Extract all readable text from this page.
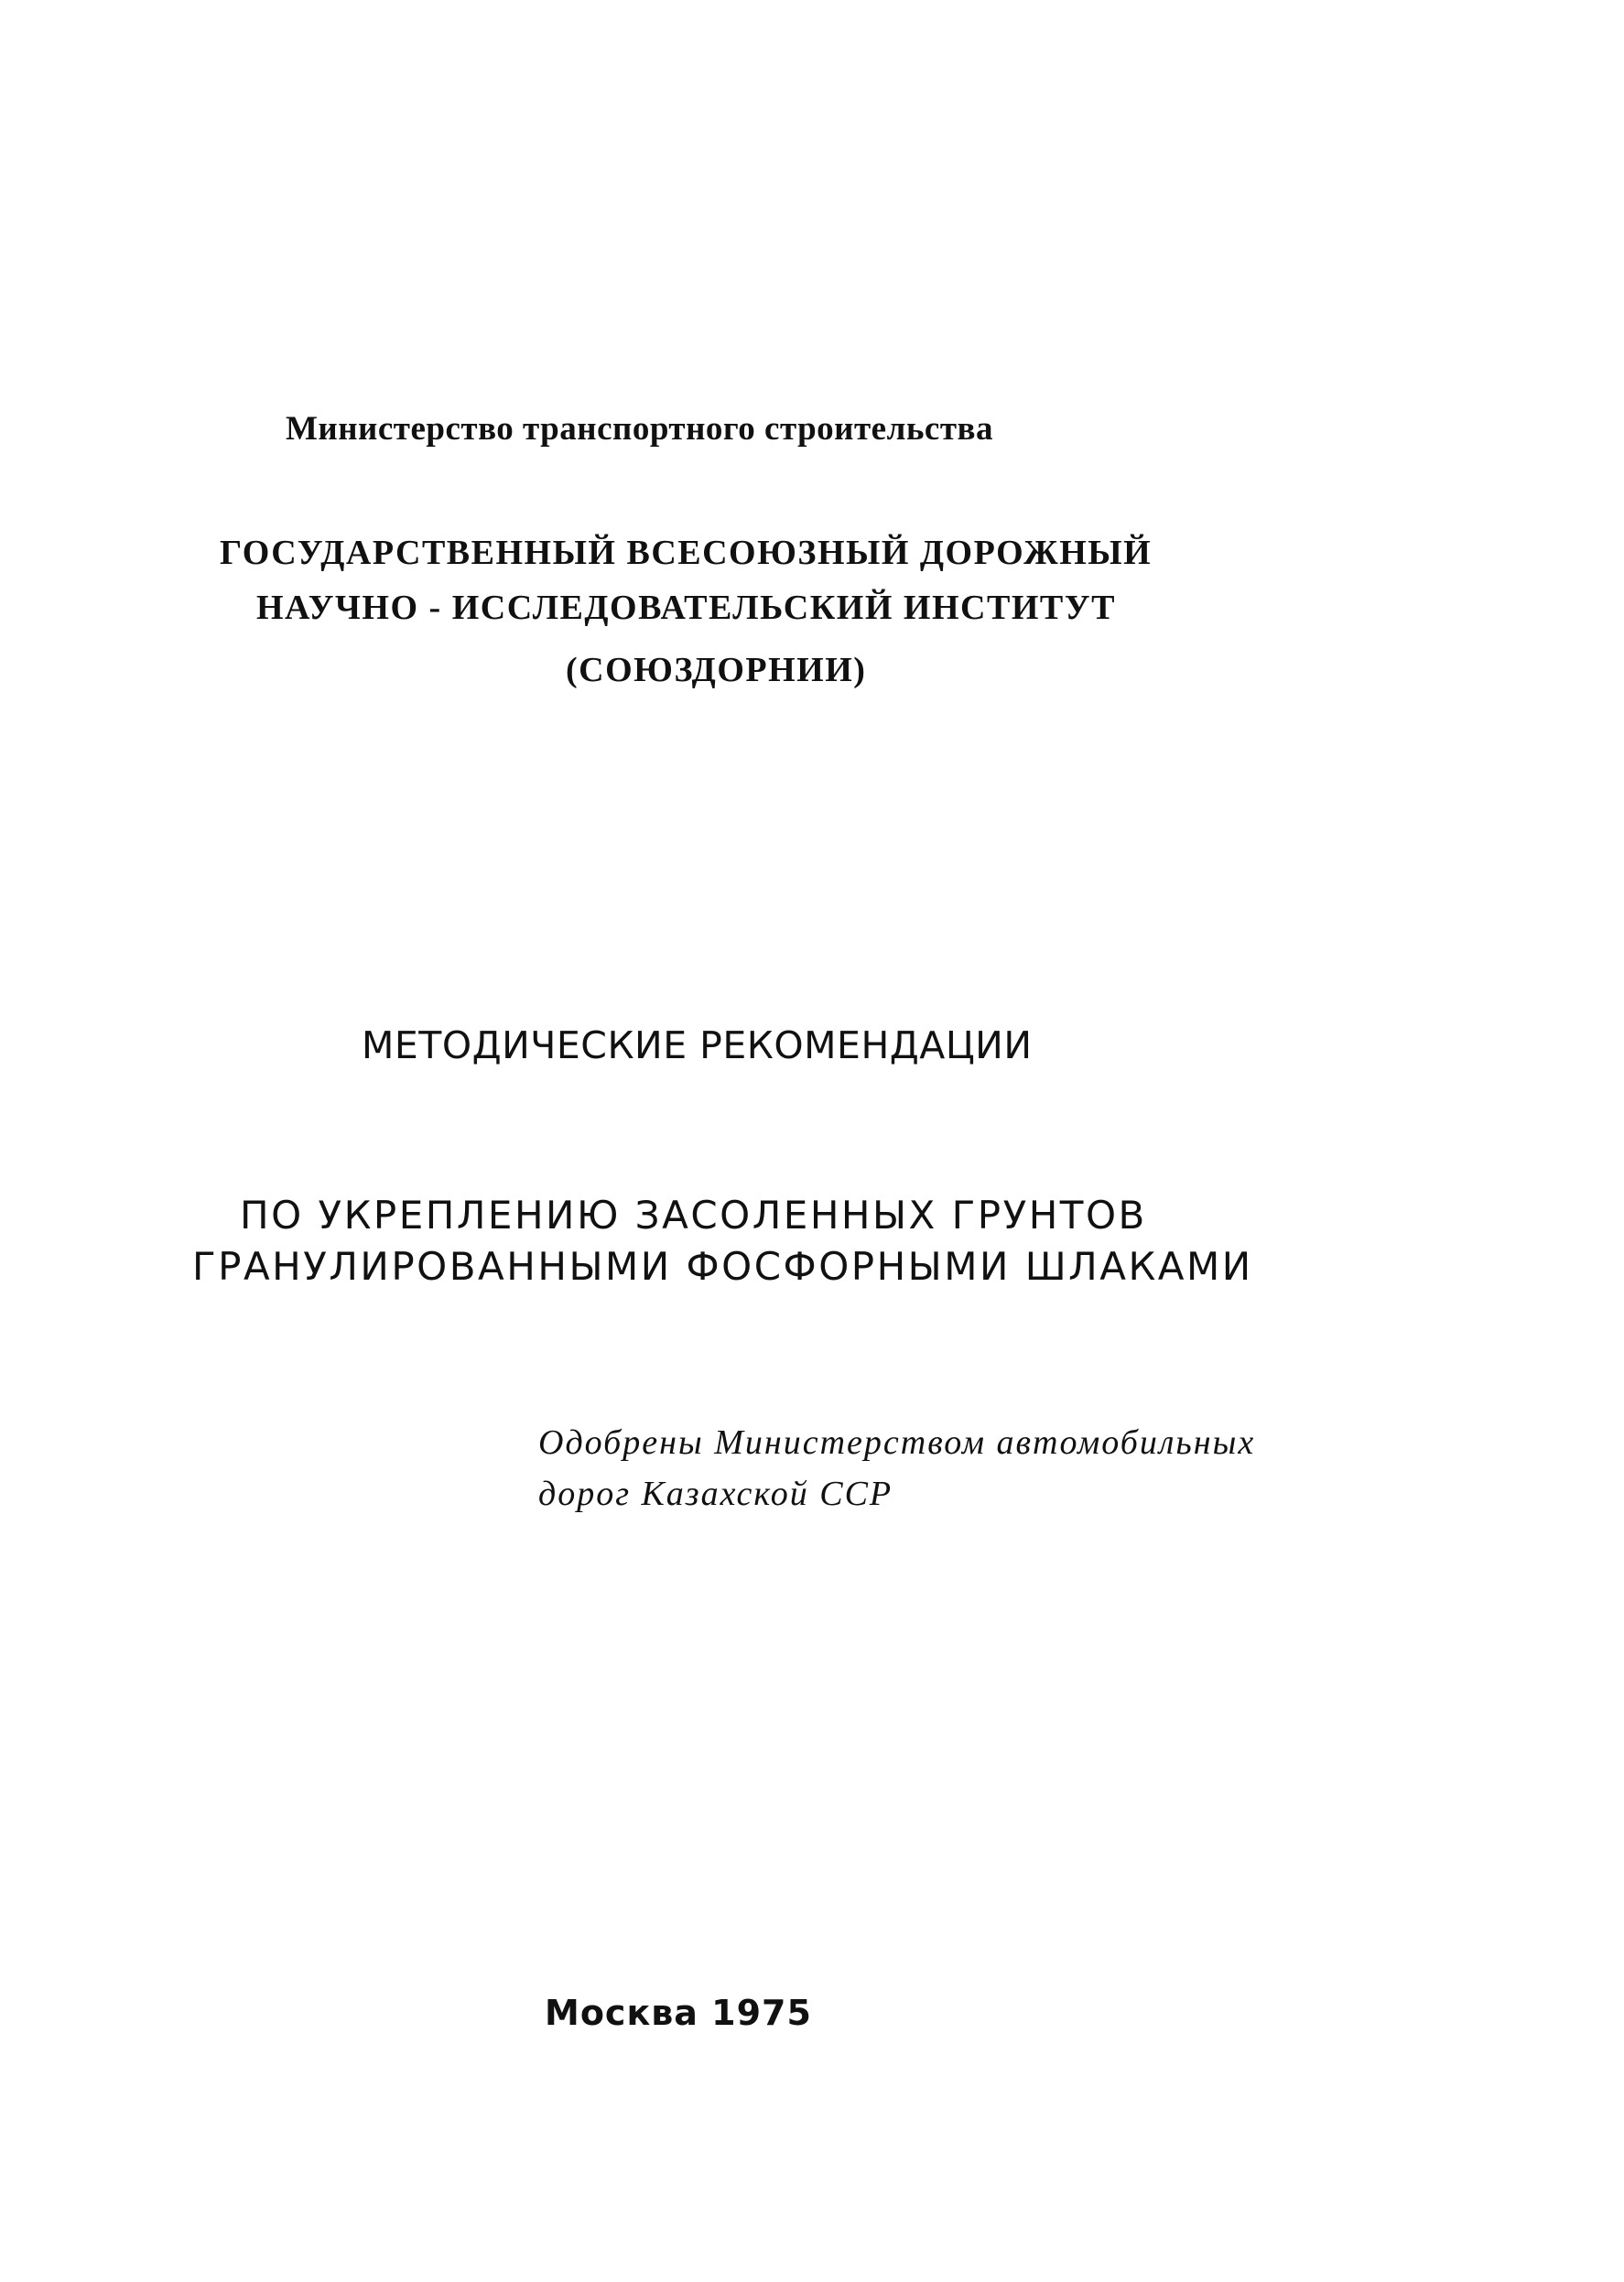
Министерство транспортного строительства
ГОСУДАРСТВЕННЫЙ ВСЕСОЮЗНЫЙ ДОРОЖНЫЙ
НАУЧНО - ИССЛЕДОВАТЕЛЬСКИЙ ИНСТИТУТ
(СОЮЗДОРНИИ)
МЕТОДИЧЕСКИЕ РЕКОМЕНДАЦИИ
ПО УКРЕПЛЕНИЮ ЗАСОЛЕННЫХ ГРУНТОВ
ГРАНУЛИРОВАННЫМИ ФОСФОРНЫМИ ШЛАКАМИ
Одобрены Министерством автомобильных
дорог Казахской ССР
Москва 1975
